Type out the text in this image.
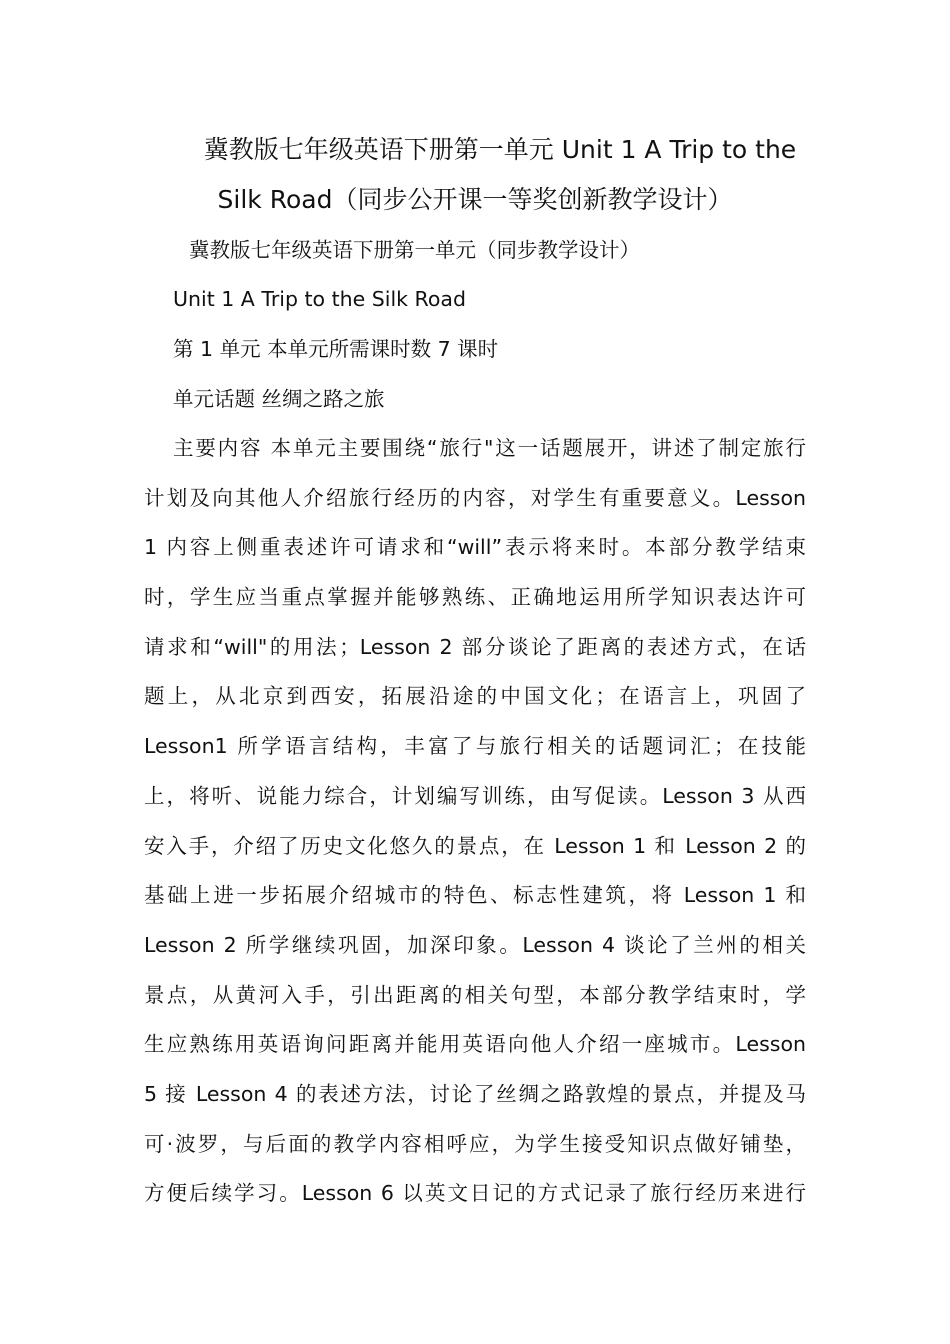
冀教版七年级英语下册第一单元 Unit 1 A Trip to the
Silk Road（同步公开课一等奖创新教学设计）
冀教版七年级英语下册第一单元（同步教学设计）
Unit 1 A Trip to the Silk Road
第 1 单元 本单元所需课时数 7 课时
单元话题 丝绸之路之旅
主要内容 本单元主要围绕“旅行"这一话题展开，讲述了制定旅行
计划及向其他人介绍旅行经历的内容，对学生有重要意义。Lesson
1 内容上侧重表述许可请求和“will”表示将来时。本部分教学结束
时，学生应当重点掌握并能够熟练、正确地运用所学知识表达许可
请求和“will"的用法；Lesson 2 部分谈论了距离的表述方式，在话
题上，从北京到西安，拓展沿途的中国文化；在语言上，巩固了
Lesson1 所学语言结构，丰富了与旅行相关的话题词汇；在技能
上，将听、说能力综合，计划编写训练，由写促读。Lesson 3 从西
安入手，介绍了历史文化悠久的景点，在 Lesson 1 和 Lesson 2 的
基础上进一步拓展介绍城市的特色、标志性建筑，将 Lesson 1 和
Lesson 2 所学继续巩固，加深印象。Lesson 4 谈论了兰州的相关
景点，从黄河入手，引出距离的相关句型，本部分教学结束时，学
生应熟练用英语询问距离并能用英语向他人介绍一座城市。Lesson
5 接 Lesson 4 的表述方法，讨论了丝绸之路敦煌的景点，并提及马
可·波罗，与后面的教学内容相呼应，为学生接受知识点做好铺垫，
方便后续学习。Lesson 6 以英文日记的方式记录了旅行经历来进行
